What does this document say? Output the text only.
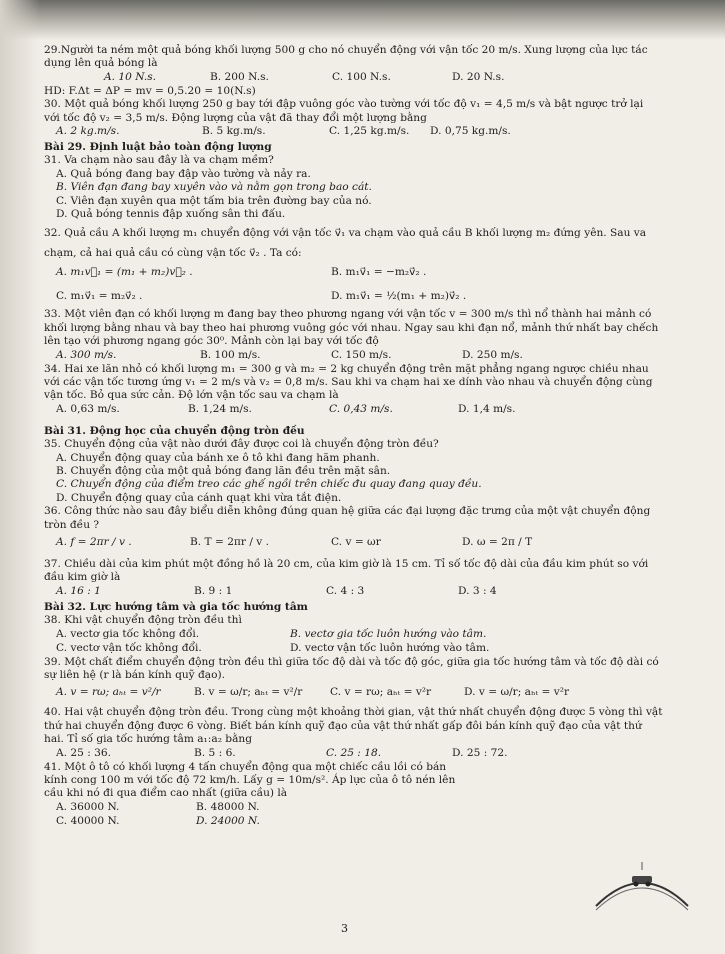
29.Người ta ném một quả bóng khối lượng 500 g cho nó chuyển động với vận tốc 20 m/s. Xung lượng của lực tác

dụng lên quả bóng là

A. 10 N.s.	B. 200 N.s.	C. 100 N.s.	D. 20 N.s.

HD: F.Δt = ΔP = mv = 0,5.20 = 10(N.s)

30. Một quả bóng khối lượng 250 g bay tới đập vuông góc vào tường với tốc độ v₁ = 4,5 m/s và bật ngược trở lại

với tốc độ v₂ = 3,5 m/s. Động lượng của vật đã thay đổi một lượng bằng

A. 2 kg.m/s.	B. 5 kg.m/s.	C. 1,25 kg.m/s. D. 0,75 kg.m/s.

Bài 29. Định luật bảo toàn động lượng

31. Va chạm nào sau đây là va chạm mềm?

A. Quả bóng đang bay đập vào tường và nảy ra.

B. Viên đạn đang bay xuyên vào và nằm gọn trong bao cát.

C. Viên đạn xuyên qua một tấm bia trên đường bay của nó.

D. Quả bóng tennis đập xuống sân thi đấu.

32. Quả cầu A khối lượng m₁ chuyển động với vận tốc v⃗₁ va chạm vào quả cầu B khối lượng m₂ đứng yên. Sau va

chạm, cả hai quả cầu có cùng vận tốc v⃗₂ . Ta có:

A. m₁v⃗₁ = (m₁ + m₂)v⃗₂ .	B. m₁v⃗₁ = −m₂v⃗₂ .
C. m₁v⃗₁ = m₂v⃗₂ .	D. m₁v⃗₁ = ½(m₁ + m₂)v⃗₂ .

33. Một viên đạn có khối lượng m đang bay theo phương ngang với vận tốc v = 300 m/s thì nổ thành hai mảnh có

khối lượng bằng nhau và bay theo hai phương vuông góc với nhau. Ngay sau khi đạn nổ, mảnh thứ nhất bay chếch

lên tạo với phương ngang góc 30⁰. Mảnh còn lại bay với tốc độ

A. 300 m/s.	B. 100 m/s.	C. 150 m/s.	D. 250 m/s.

34. Hai xe lăn nhỏ có khối lượng m₁ = 300 g và m₂ = 2 kg chuyển động trên mặt phẳng ngang ngược chiều nhau

với các vận tốc tương ứng v₁ = 2 m/s và v₂ = 0,8 m/s. Sau khi va chạm hai xe dính vào nhau và chuyển động cùng

vận tốc. Bỏ qua sức cản. Độ lớn vận tốc sau va chạm là

A. 0,63 m/s.	B. 1,24 m/s.	C. 0,43 m/s.	D. 1,4 m/s.

Bài 31. Động học của chuyển động tròn đều

35. Chuyển động của vật nào dưới đây được coi là chuyển động tròn đều?

A. Chuyển động quay của bánh xe ô tô khi đang hãm phanh.

B. Chuyển động của một quả bóng đang lăn đều trên mặt sân.

C. Chuyển động của điểm treo các ghế ngồi trên chiếc đu quay đang quay đều.

D. Chuyển động quay của cánh quạt khi vừa tắt điện.

36. Công thức nào sau đây biểu diễn không đúng quan hệ giữa các đại lượng đặc trưng của một vật chuyển động

tròn đều ?

A. f = 2πr / v .	B. T = 2πr / v .	C. v = ωr	D. ω = 2π / T

37. Chiều dài của kim phút một đồng hồ là 20 cm, của kim giờ là 15 cm. Tỉ số tốc độ dài của đầu kim phút so với

đầu kim giờ là

A. 16 : 1	B. 9 : 1	C. 4 : 3	D. 3 : 4

Bài 32. Lực hướng tâm và gia tốc hướng tâm

38. Khi vật chuyển động tròn đều thì

A. vectơ gia tốc không đổi.	B. vectơ gia tốc luôn hướng vào tâm.
C. vectơ vận tốc không đổi.	D. vectơ vận tốc luôn hướng vào tâm.

39. Một chất điểm chuyển động tròn đều thì giữa tốc độ dài và tốc độ góc, giữa gia tốc hướng tâm và tốc độ dài có

sự liên hệ (r là bán kính quỹ đạo).

A. v = rω; aₕₜ = v²/r	B. v = ω/r; aₕₜ = v²/r	C. v = rω; aₕₜ = v²r	D. v = ω/r; aₕₜ = v²r

40. Hai vật chuyển động tròn đều. Trong cùng một khoảng thời gian, vật thứ nhất chuyển động được 5 vòng thì vật

thứ hai chuyển động được 6 vòng. Biết bán kính quỹ đạo của vật thứ nhất gấp đôi bán kính quỹ đạo của vật thứ

hai. Tỉ số gia tốc hướng tâm a₁:a₂ bằng

A. 25 : 36.	B. 5 : 6.	C. 25 : 18.	D. 25 : 72.

41. Một ô tô có khối lượng 4 tấn chuyển động qua một chiếc cầu lồi có bán

kính cong 100 m với tốc độ 72 km/h. Lấy g = 10m/s². Áp lực của ô tô nén lên

cầu khi nó đi qua điểm cao nhất (giữa cầu) là

A. 36000 N.	B. 48000 N.
C. 40000 N.	D. 24000 N.
3
